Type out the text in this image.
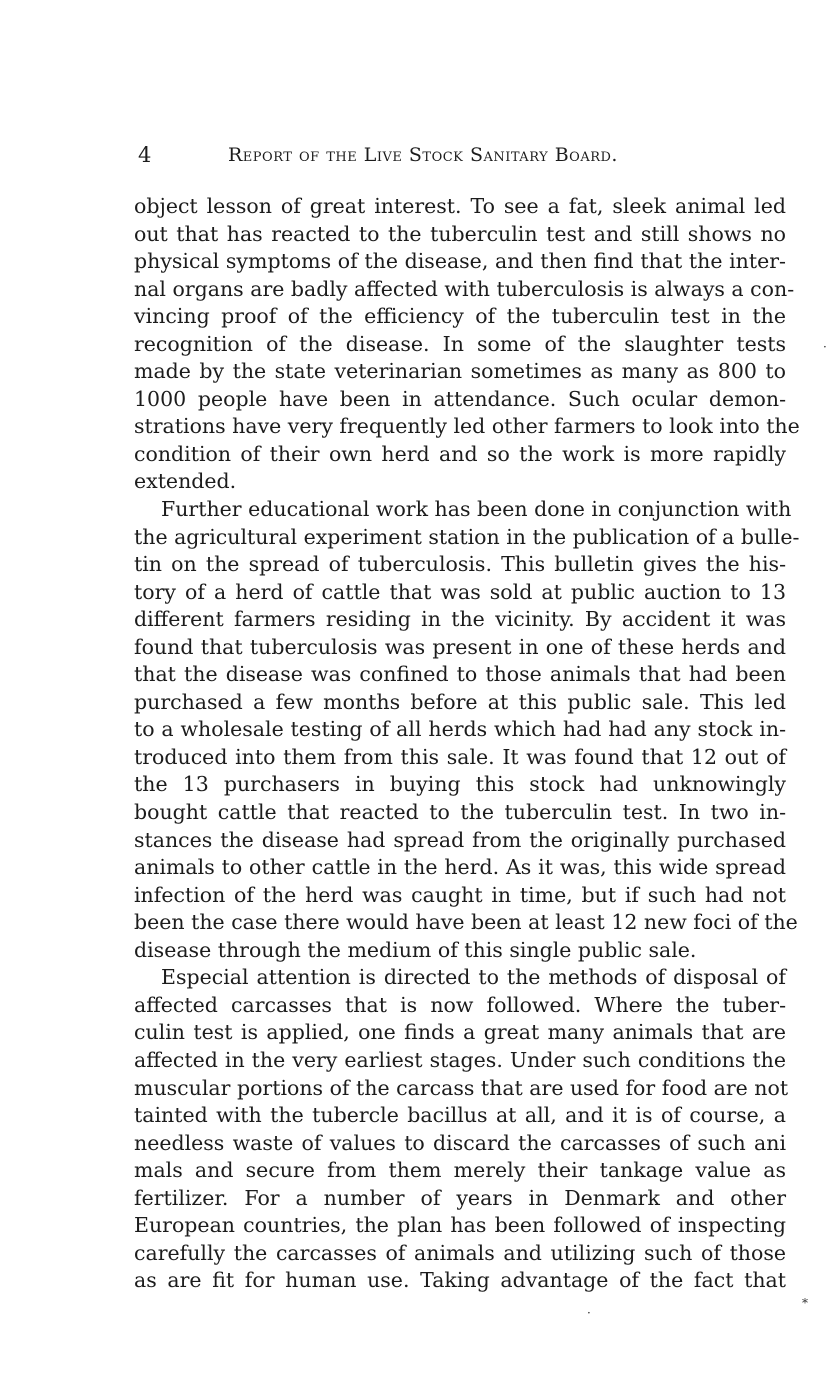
4	Report of the Live Stock Sanitary Board.
object lesson of great interest. To see a fat, sleek animal led
out that has reacted to the tuberculin test and still shows no
physical symptoms of the disease, and then find that the inter-
nal organs are badly affected with tuberculosis is always a con-
vincing proof of the efficiency of the tuberculin test in the
recognition of the disease. In some of the slaughter tests
made by the state veterinarian sometimes as many as 800 to
1000 people have been in attendance. Such ocular demon-
strations have very frequently led other farmers to look into the
condition of their own herd and so the work is more rapidly
extended.
Further educational work has been done in conjunction with
the agricultural experiment station in the publication of a bulle-
tin on the spread of tuberculosis. This bulletin gives the his-
tory of a herd of cattle that was sold at public auction to 13
different farmers residing in the vicinity. By accident it was
found that tuberculosis was present in one of these herds and
that the disease was confined to those animals that had been
purchased a few months before at this public sale. This led
to a wholesale testing of all herds which had had any stock in-
troduced into them from this sale. It was found that 12 out of
the 13 purchasers in buying this stock had unknowingly
bought cattle that reacted to the tuberculin test. In two in-
stances the disease had spread from the originally purchased
animals to other cattle in the herd. As it was, this wide spread
infection of the herd was caught in time, but if such had not
been the case there would have been at least 12 new foci of the
disease through the medium of this single public sale.
Especial attention is directed to the methods of disposal of
affected carcasses that is now followed. Where the tuber-
culin test is applied, one finds a great many animals that are
affected in the very earliest stages. Under such conditions the
muscular portions of the carcass that are used for food are not
tainted with the tubercle bacillus at all, and it is of course, a
needless waste of values to discard the carcasses of such ani
mals and secure from them merely their tankage value as
fertilizer. For a number of years in Denmark and other
European countries, the plan has been followed of inspecting
carefully the carcasses of animals and utilizing such of those
as are fit for human use. Taking advantage of the fact that
·
*
·
